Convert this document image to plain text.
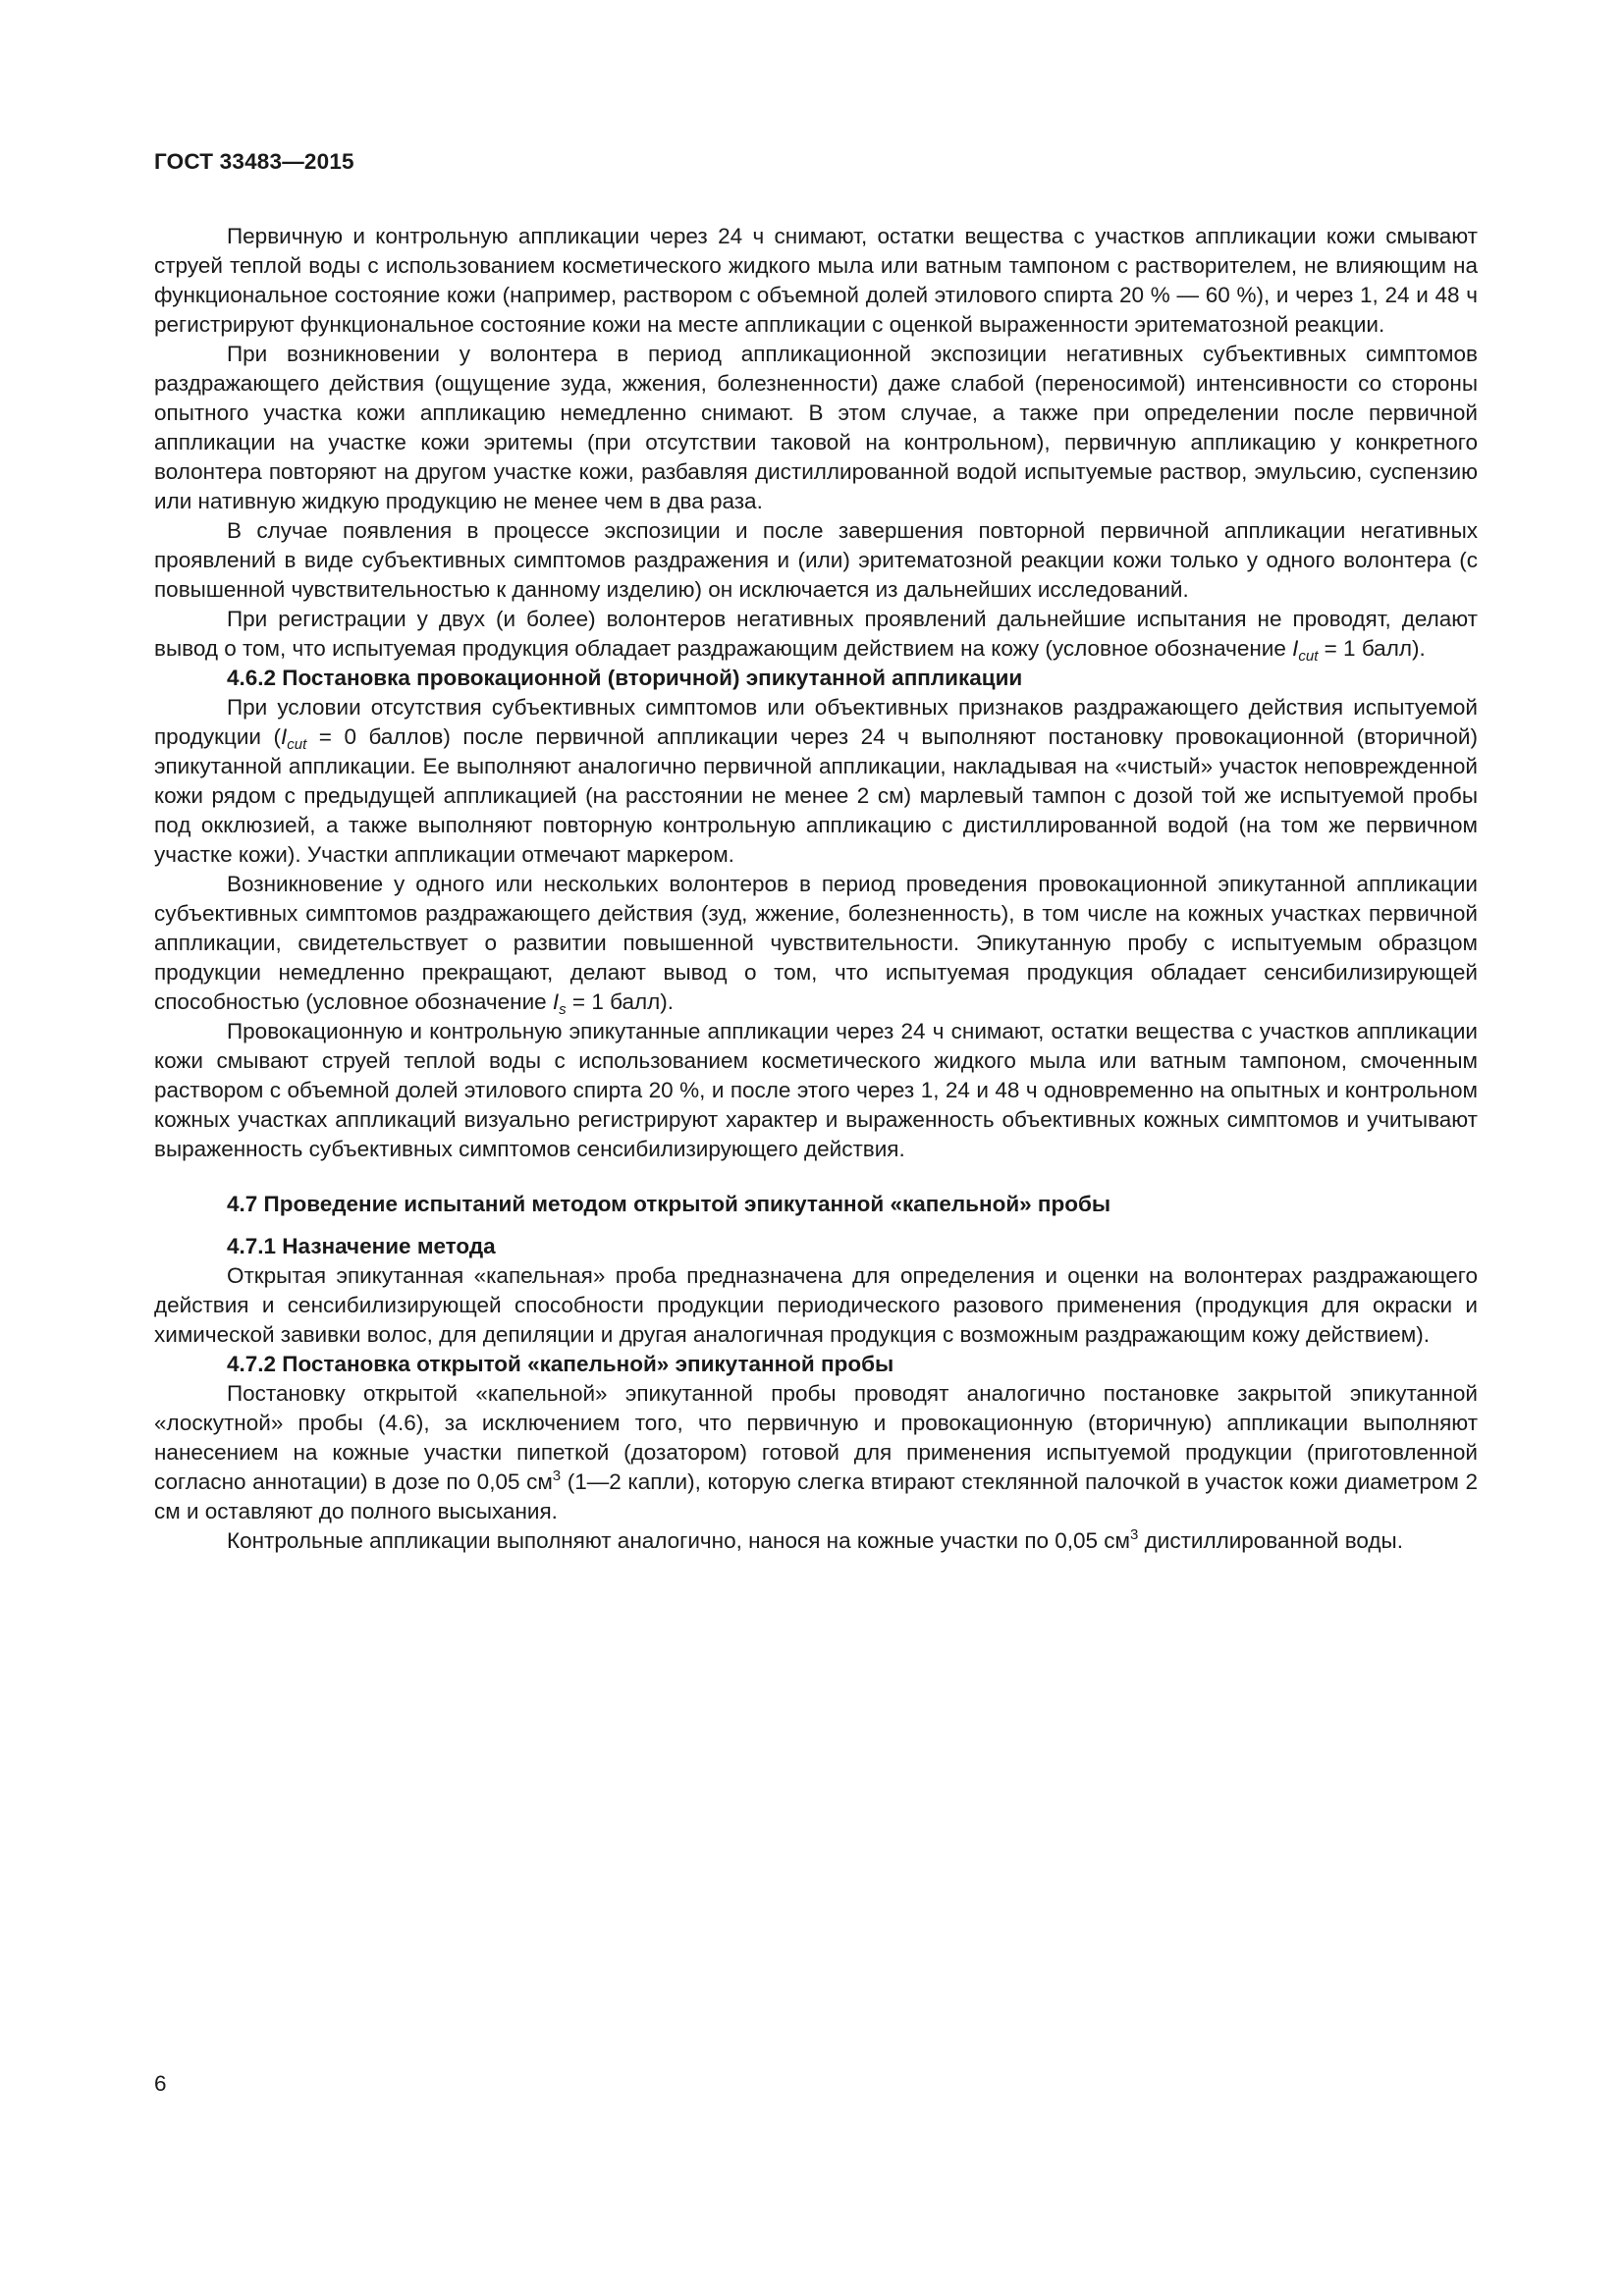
ГОСТ 33483—2015

Первичную и контрольную аппликации через 24 ч снимают, остатки вещества с участков аппликации кожи смывают струей теплой воды с использованием косметического жидкого мыла или ватным тампоном с растворителем, не влияющим на функциональное состояние кожи (например, раствором с объемной долей этилового спирта 20 % — 60 %), и через 1, 24 и 48 ч регистрируют функциональное состояние кожи на месте аппликации с оценкой выраженности эритематозной реакции.

При возникновении у волонтера в период аппликационной экспозиции негативных субъективных симптомов раздражающего действия (ощущение зуда, жжения, болезненности) даже слабой (переносимой) интенсивности со стороны опытного участка кожи аппликацию немедленно снимают. В этом случае, а также при определении после первичной аппликации на участке кожи эритемы (при отсутствии таковой на контрольном), первичную аппликацию у конкретного волонтера повторяют на другом участке кожи, разбавляя дистиллированной водой испытуемые раствор, эмульсию, суспензию или нативную жидкую продукцию не менее чем в два раза.

В случае появления в процессе экспозиции и после завершения повторной первичной аппликации негативных проявлений в виде субъективных симптомов раздражения и (или) эритематозной реакции кожи только у одного волонтера (с повышенной чувствительностью к данному изделию) он исключается из дальнейших исследований.

При регистрации у двух (и более) волонтеров негативных проявлений дальнейшие испытания не проводят, делают вывод о том, что испытуемая продукция обладает раздражающим действием на кожу (условное обозначение $I_{cut} = 1$ балл).

4.6.2 Постановка провокационной (вторичной) эпикутанной аппликации

При условии отсутствия субъективных симптомов или объективных признаков раздражающего действия испытуемой продукции ($I_{cut} = 0$ баллов) после первичной аппликации через 24 ч выполняют постановку провокационной (вторичной) эпикутанной аппликации. Ее выполняют аналогично первичной аппликации, накладывая на «чистый» участок неповрежденной кожи рядом с предыдущей аппликацией (на расстоянии не менее 2 см) марлевый тампон с дозой той же испытуемой пробы под окклюзией, а также выполняют повторную контрольную аппликацию с дистиллированной водой (на том же первичном участке кожи). Участки аппликации отмечают маркером.

Возникновение у одного или нескольких волонтеров в период проведения провокационной эпикутанной аппликации субъективных симптомов раздражающего действия (зуд, жжение, болезненность), в том числе на кожных участках первичной аппликации, свидетельствует о развитии повышенной чувствительности. Эпикутанную пробу с испытуемым образцом продукции немедленно прекращают, делают вывод о том, что испытуемая продукция обладает сенсибилизирующей способностью (условное обозначение $I_s = 1$ балл).

Провокационную и контрольную эпикутанные аппликации через 24 ч снимают, остатки вещества с участков аппликации кожи смывают струей теплой воды с использованием косметического жидкого мыла или ватным тампоном, смоченным раствором с объемной долей этилового спирта 20 %, и после этого через 1, 24 и 48 ч одновременно на опытных и контрольном кожных участках аппликаций визуально регистрируют характер и выраженность объективных кожных симптомов и учитывают выраженность субъективных симптомов сенсибилизирующего действия.

4.7 Проведение испытаний методом открытой эпикутанной «капельной» пробы
4.7.1 Назначение метода

Открытая эпикутанная «капельная» проба предназначена для определения и оценки на волонтерах раздражающего действия и сенсибилизирующей способности продукции периодического разового применения (продукция для окраски и химической завивки волос, для депиляции и другая аналогичная продукция с возможным раздражающим кожу действием).

4.7.2 Постановка открытой «капельной» эпикутанной пробы

Постановку открытой «капельной» эпикутанной пробы проводят аналогично постановке закрытой эпикутанной «лоскутной» пробы (4.6), за исключением того, что первичную и провокационную (вторичную) аппликации выполняют нанесением на кожные участки пипеткой (дозатором) готовой для применения испытуемой продукции (приготовленной согласно аннотации) в дозе по 0,05 $см^3$ (1—2 капли), которую слегка втирают стеклянной палочкой в участок кожи диаметром 2 см и оставляют до полного высыхания.

Контрольные аппликации выполняют аналогично, нанося на кожные участки по 0,05 $см^3$ дистиллированной воды.

6
